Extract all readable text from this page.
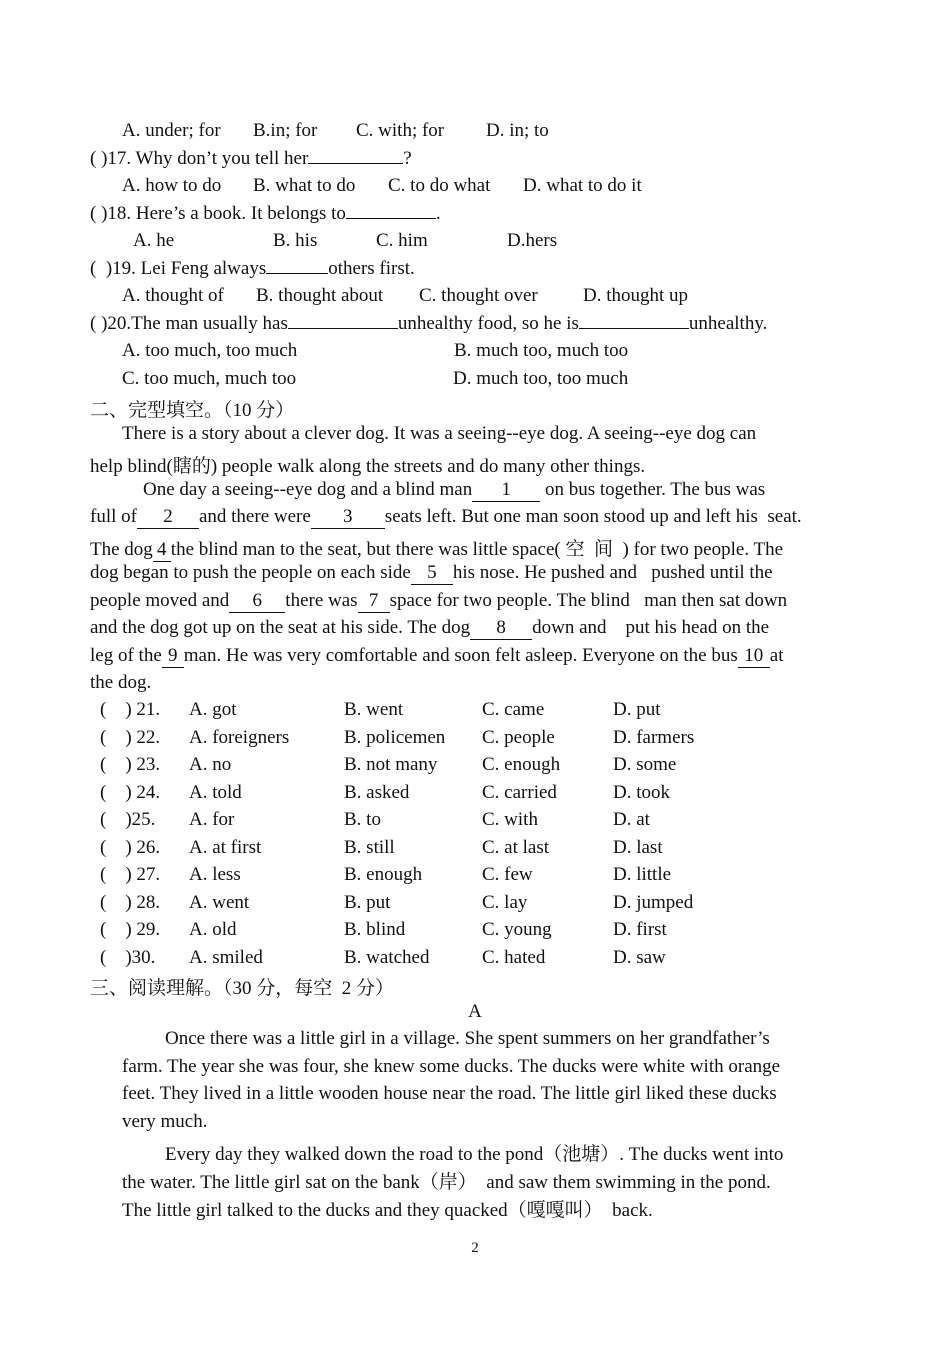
A. under; for B.in; for C. with; for D. in; to
( )17. Why don’t you tell her	?
A. how to do B. what to do C. to do what D. what to do it
( )18. Here’s a book. It belongs to	.
A. he	B. his	C. him	D.hers
(  )19. Lei Feng always	others first.
A. thought of B. thought about C. thought over D. thought up
( )20.The man usually has	unhealthy food, so he is	unhealthy.
A. too much, too much	B. much too, much too
C. too much, much too	D. much too, too much
二、完型填空。（10 分）
There is a story about a clever dog. It was a seeing--eye dog. A seeing--eye dog can
help blind(瞎的) people walk along the streets and do many other things.
One day a seeing--eye dog and a blind man 1 on bus together. The bus was
full of 2 and there were 3 seats left. But one man soon stood up and left his  seat.
The dog 4 the blind man to the seat, but there was little space( 空  间  ) for two people. The
dog began to push the people on each side 5 his nose. He pushed and   pushed until the
people moved and 6 there was 7 space for two people. The blind   man then sat down
and the dog got up on the seat at his side. The dog 8 down and    put his head on the
leg of the 9 man. He was very comfortable and soon felt asleep. Everyone on the bus 10 at
the dog.
(    ) 21. A. got	B. went	C. came	D. put
(    ) 22. A. foreigners	B. policemen C. people	D. farmers
(    ) 23. A. no	B. not many C. enough	D. some
(    ) 24. A. told	B. asked	C. carried	D. took
(    )25. A. for	B. to	C. with	D. at
(    ) 26. A. at first	B. still	C. at last	D. last
(    ) 27. A. less	B. enough	C. few	D. little
(    ) 28. A. went	B. put	C. lay	D. jumped
(    ) 29. A. old	B. blind	C. young	D. first
(    )30. A. smiled	B. watched	C. hated	D. saw
三、阅读理解。（30 分，每空  2 分）
A
Once there was a little girl in a village. She spent summers on her grandfather’s
farm. The year she was four, she knew some ducks. The ducks were white with orange
feet. They lived in a little wooden house near the road. The little girl liked these ducks
very much.
Every day they walked down the road to the pond（池塘）. The ducks went into
the water. The little girl sat on the bank（岸）  and saw them swimming in the pond.
The little girl talked to the ducks and they quacked（嘎嘎叫）  back.
2
